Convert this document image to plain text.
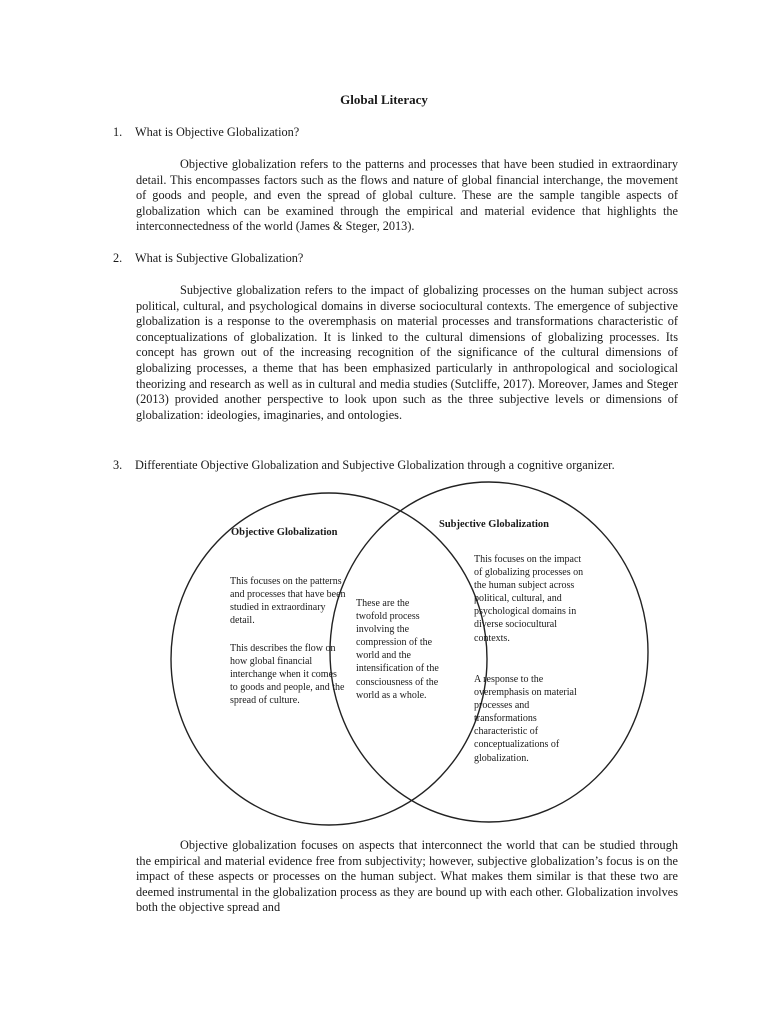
Global Literacy
1. What is Objective Globalization?

Objective globalization refers to the patterns and processes that have been studied in extraordinary detail. This encompasses factors such as the flows and nature of global financial interchange, the movement of goods and people, and even the spread of global culture. These are the sample tangible aspects of globalization which can be examined through the empirical and material evidence that highlights the interconnectedness of the world (James & Steger, 2013).

2. What is Subjective Globalization?

Subjective globalization refers to the impact of globalizing processes on the human subject across political, cultural, and psychological domains in diverse sociocultural contexts. The emergence of subjective globalization is a response to the overemphasis on material processes and transformations characteristic of conceptualizations of globalization. It is linked to the cultural dimensions of globalizing processes. Its concept has grown out of the increasing recognition of the significance of the cultural dimensions of globalizing processes, a theme that has been emphasized particularly in anthropological and sociological theorizing and research as well as in cultural and media studies (Sutcliffe, 2017). Moreover, James and Steger (2013) provided another perspective to look upon such as the three subjective levels or dimensions of globalization: ideologies, imaginaries, and ontologies.

3. Differentiate Objective Globalization and Subjective Globalization through a cognitive organizer.
Objective Globalization
Subjective Globalization

This focuses on the patterns and processes that have been studied in extraordinary detail.

This describes the flow on how global financial interchange when it comes to goods and people, and the spread of culture.

These are the twofold process involving the compression of the world and the intensification of the consciousness of the world as a whole.

This focuses on the impact of globalizing processes on the human subject across political, cultural, and psychological domains in diverse sociocultural contexts.

A response to the overemphasis on material processes and transformations characteristic of conceptualizations of globalization.

Objective globalization focuses on aspects that interconnect the world that can be studied through the empirical and material evidence free from subjectivity; however, subjective globalization’s focus is on the impact of these aspects or processes on the human subject. What makes them similar is that these two are deemed instrumental in the globalization process as they are bound up with each other. Globalization involves both the objective spread and
